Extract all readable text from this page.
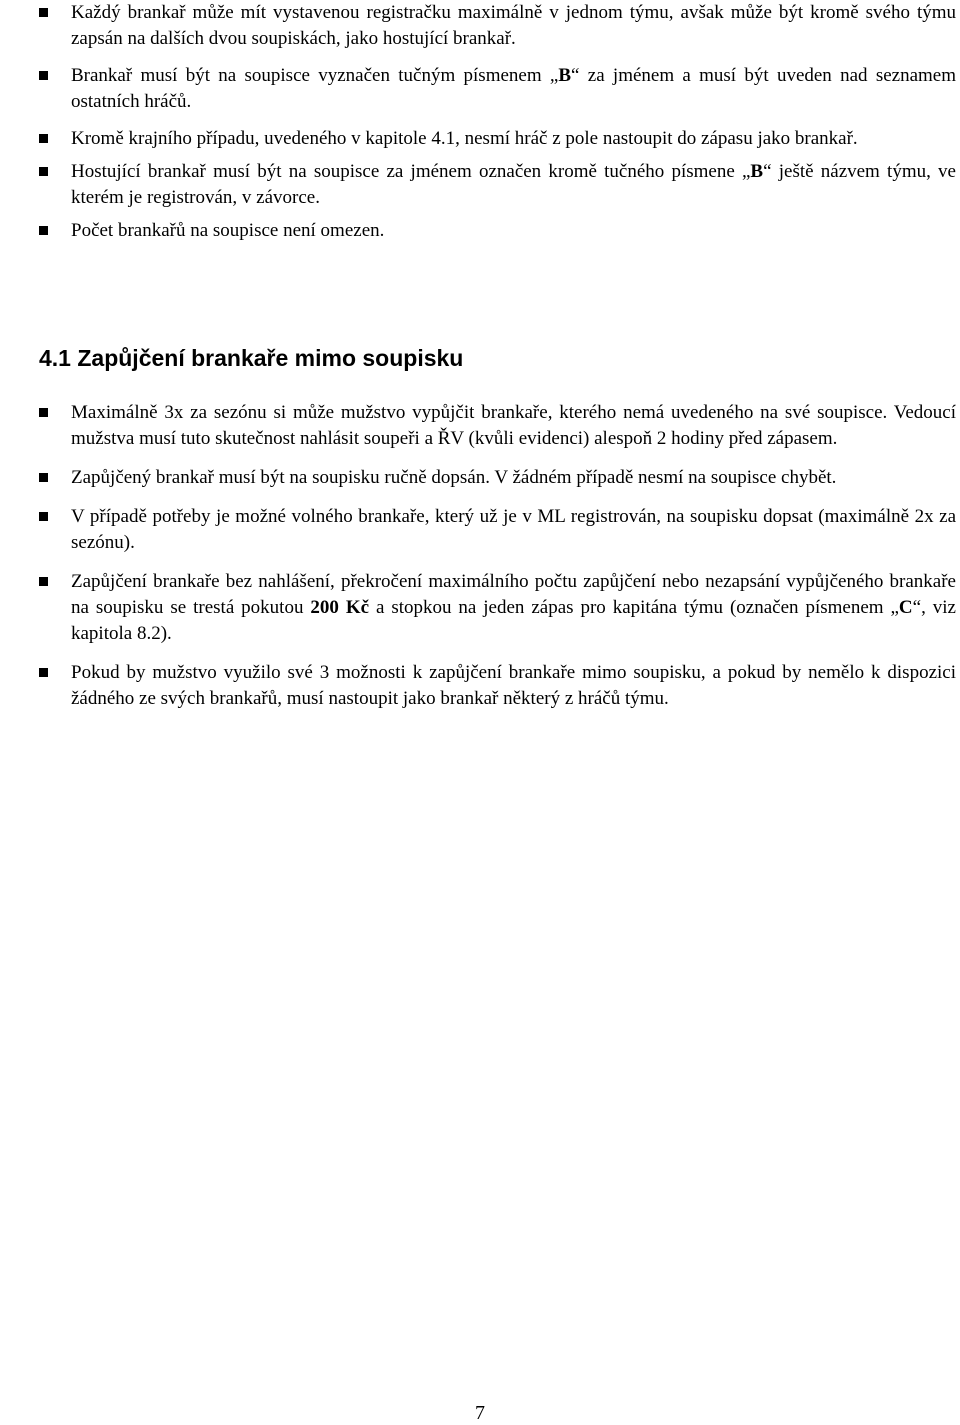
Každý brankař může mít vystavenou registračku maximálně v jednom týmu, avšak může být kromě svého týmu zapsán na dalších dvou soupiskách, jako hostující brankař.
Brankař musí být na soupisce vyznačen tučným písmenem „B“ za jménem a musí být uveden nad seznamem ostatních hráčů.
Kromě krajního případu, uvedeného v kapitole 4.1, nesmí hráč z pole nastoupit do zápasu jako brankař.
Hostující brankař musí být na soupisce za jménem označen kromě tučného písmene „B“ ještě názvem týmu, ve kterém je registrován, v závorce.
Počet brankařů na soupisce není omezen.
4.1 Zapůjčení brankaře mimo soupisku
Maximálně 3x za sezónu si může mužstvo vypůjčit brankaře, kterého nemá uvedeného na své soupisce. Vedoucí mužstva musí tuto skutečnost nahlásit soupeři a ŘV (kvůli evidenci) alespoň 2 hodiny před zápasem.
Zapůjčený brankař musí být na soupisku ručně dopsán. V žádném případě nesmí na soupisce chybět.
V případě potřeby je možné volného brankaře, který už je v ML registrován, na soupisku dopsat (maximálně 2x za sezónu).
Zapůjčení brankaře bez nahlášení, překročení maximálního počtu zapůjčení nebo nezapsání vypůjčeného brankaře na soupisku se trestá pokutou 200 Kč a stopkou na jeden zápas pro kapitána týmu (označen písmenem „C“, viz kapitola 8.2).
Pokud by mužstvo využilo své 3 možnosti k zapůjčení brankaře mimo soupisku, a pokud by nemělo k dispozici žádného ze svých brankařů, musí nastoupit jako brankař některý z hráčů týmu.
7
